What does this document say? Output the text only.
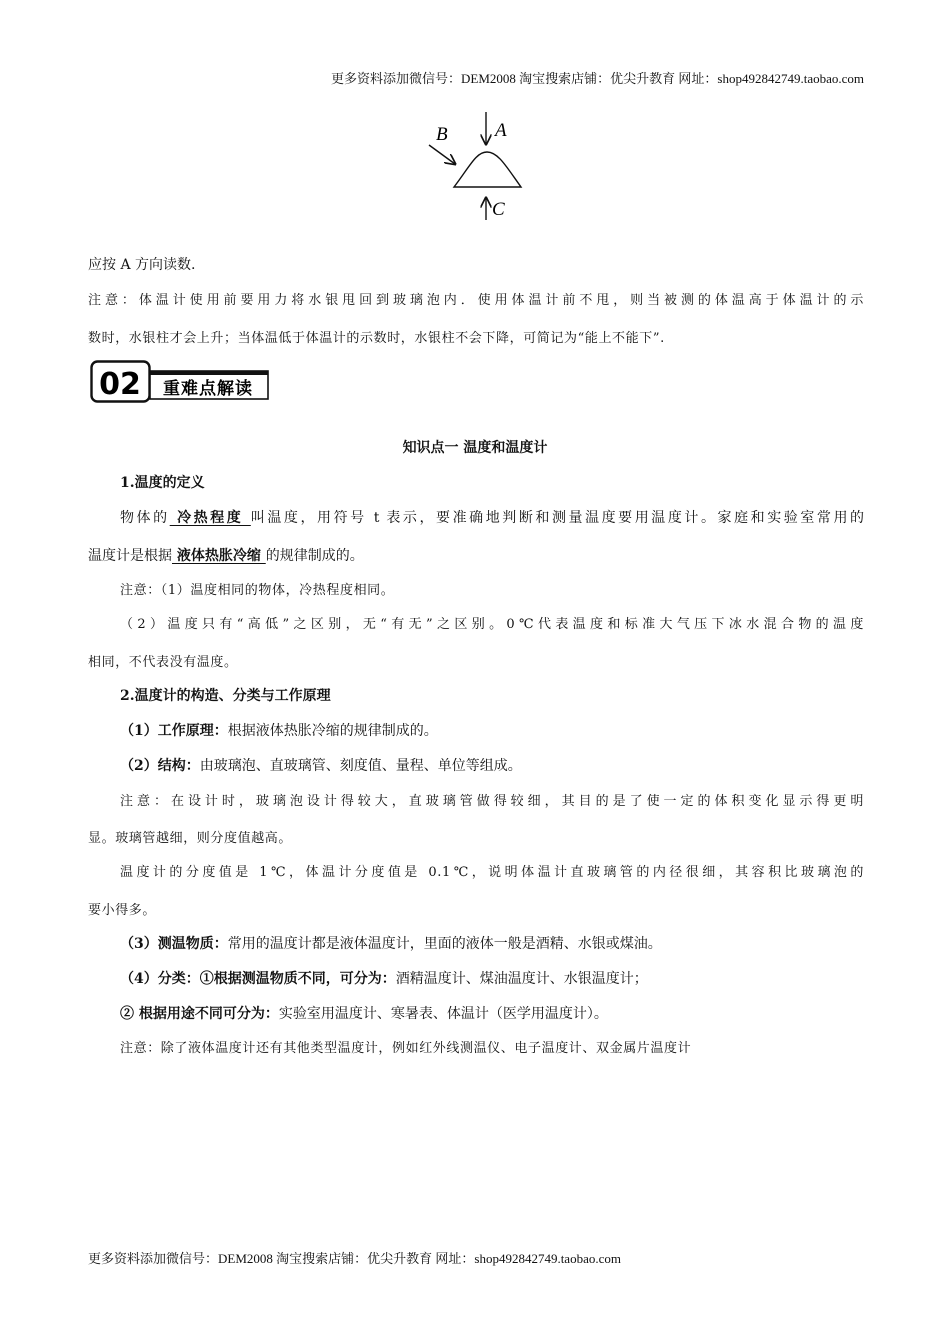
更多资料添加微信号：DEM2008 淘宝搜索店铺：优尖升教育 网址：shop492842749.taobao.com
A
B
C
应按 A 方向读数.
注意：体温计使用前要用力将水银甩回到玻璃泡内．使用体温计前不甩，则当被测的体温高于体温计的示
数时，水银柱才会上升；当体温低于体温计的示数时，水银柱不会下降，可简记为“能上不能下”.
02 重难点解读
知识点一 温度和温度计
1.温度的定义
物体的 冷热程度 叫温度，用符号 t 表示，要准确地判断和测量温度要用温度计。家庭和实验室常用的
温度计是根据 液体热胀冷缩 的规律制成的。
注意：（1）温度相同的物体，冷热程度相同。
（2）温度只有“高低”之区别，无“有无”之区别。0℃代表温度和标准大气压下冰水混合物的温度
相同，不代表没有温度。
2.温度计的构造、分类与工作原理
（1）工作原理：根据液体热胀冷缩的规律制成的。
（2）结构：由玻璃泡、直玻璃管、刻度值、量程、单位等组成。
注意：在设计时，玻璃泡设计得较大，直玻璃管做得较细，其目的是了使一定的体积变化显示得更明
显。玻璃管越细，则分度值越高。
温度计的分度值是 1℃，体温计分度值是 0.1℃，说明体温计直玻璃管的内径很细，其容积比玻璃泡的
要小得多。
（3）测温物质：常用的温度计都是液体温度计，里面的液体一般是酒精、水银或煤油。
（4）分类：①根据测温物质不同，可分为：酒精温度计、煤油温度计、水银温度计；
② 根据用途不同可分为：实验室用温度计、寒暑表、体温计（医学用温度计）。
注意：除了液体温度计还有其他类型温度计，例如红外线测温仪、电子温度计、双金属片温度计
更多资料添加微信号：DEM2008 淘宝搜索店铺：优尖升教育 网址：shop492842749.taobao.com
